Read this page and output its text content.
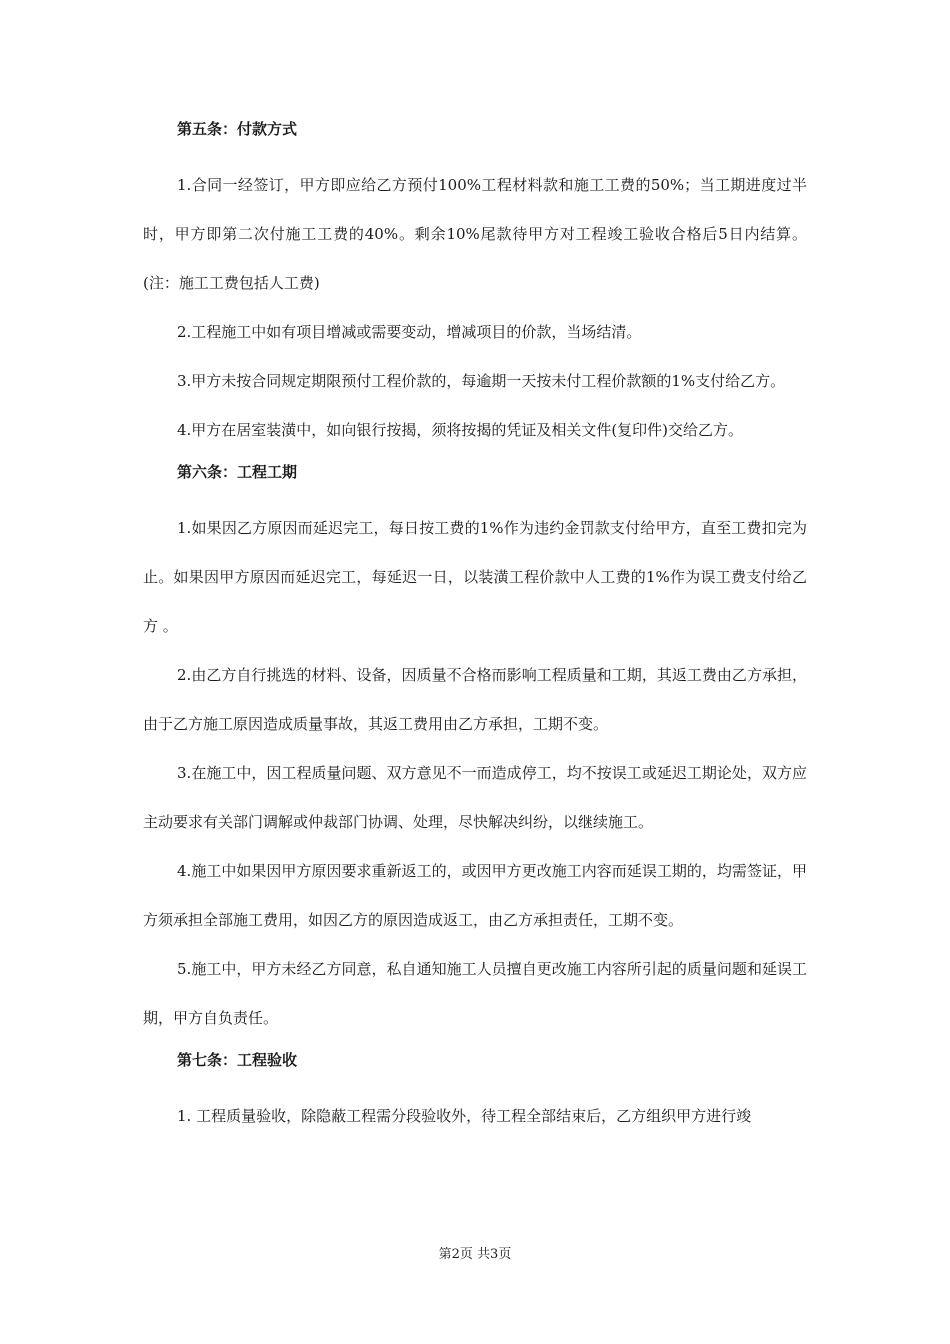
第五条：付款方式

1.合同一经签订，甲方即应给乙方预付100%工程材料款和施工工费的50%；当工期进度过半时，甲方即第二次付施工工费的40%。剩余10%尾款待甲方对工程竣工验收合格后5日内结算。(注：施工工费包括人工费)

2.工程施工中如有项目增减或需要变动，增减项目的价款，当场结清。

3.甲方未按合同规定期限预付工程价款的，每逾期一天按未付工程价款额的1%支付给乙方。

4.甲方在居室装潢中，如向银行按揭，须将按揭的凭证及相关文件(复印件)交给乙方。

第六条：工程工期

1.如果因乙方原因而延迟完工，每日按工费的1%作为违约金罚款支付给甲方，直至工费扣完为止。如果因甲方原因而延迟完工，每延迟一日，以装潢工程价款中人工费的1%作为误工费支付给乙方 。

2.由乙方自行挑选的材料、设备，因质量不合格而影响工程质量和工期，其返工费由乙方承担，由于乙方施工原因造成质量事故，其返工费用由乙方承担，工期不变。

3.在施工中，因工程质量问题、双方意见不一而造成停工，均不按误工或延迟工期论处，双方应主动要求有关部门调解或仲裁部门协调、处理，尽快解决纠纷，以继续施工。

4.施工中如果因甲方原因要求重新返工的，或因甲方更改施工内容而延误工期的，均需签证，甲方须承担全部施工费用，如因乙方的原因造成返工，由乙方承担责任，工期不变。

5.施工中，甲方未经乙方同意，私自通知施工人员擅自更改施工内容所引起的质量问题和延误工期，甲方自负责任。

第七条：工程验收

1. 工程质量验收，除隐蔽工程需分段验收外，待工程全部结束后，乙方组织甲方进行竣

第2页 共3页
